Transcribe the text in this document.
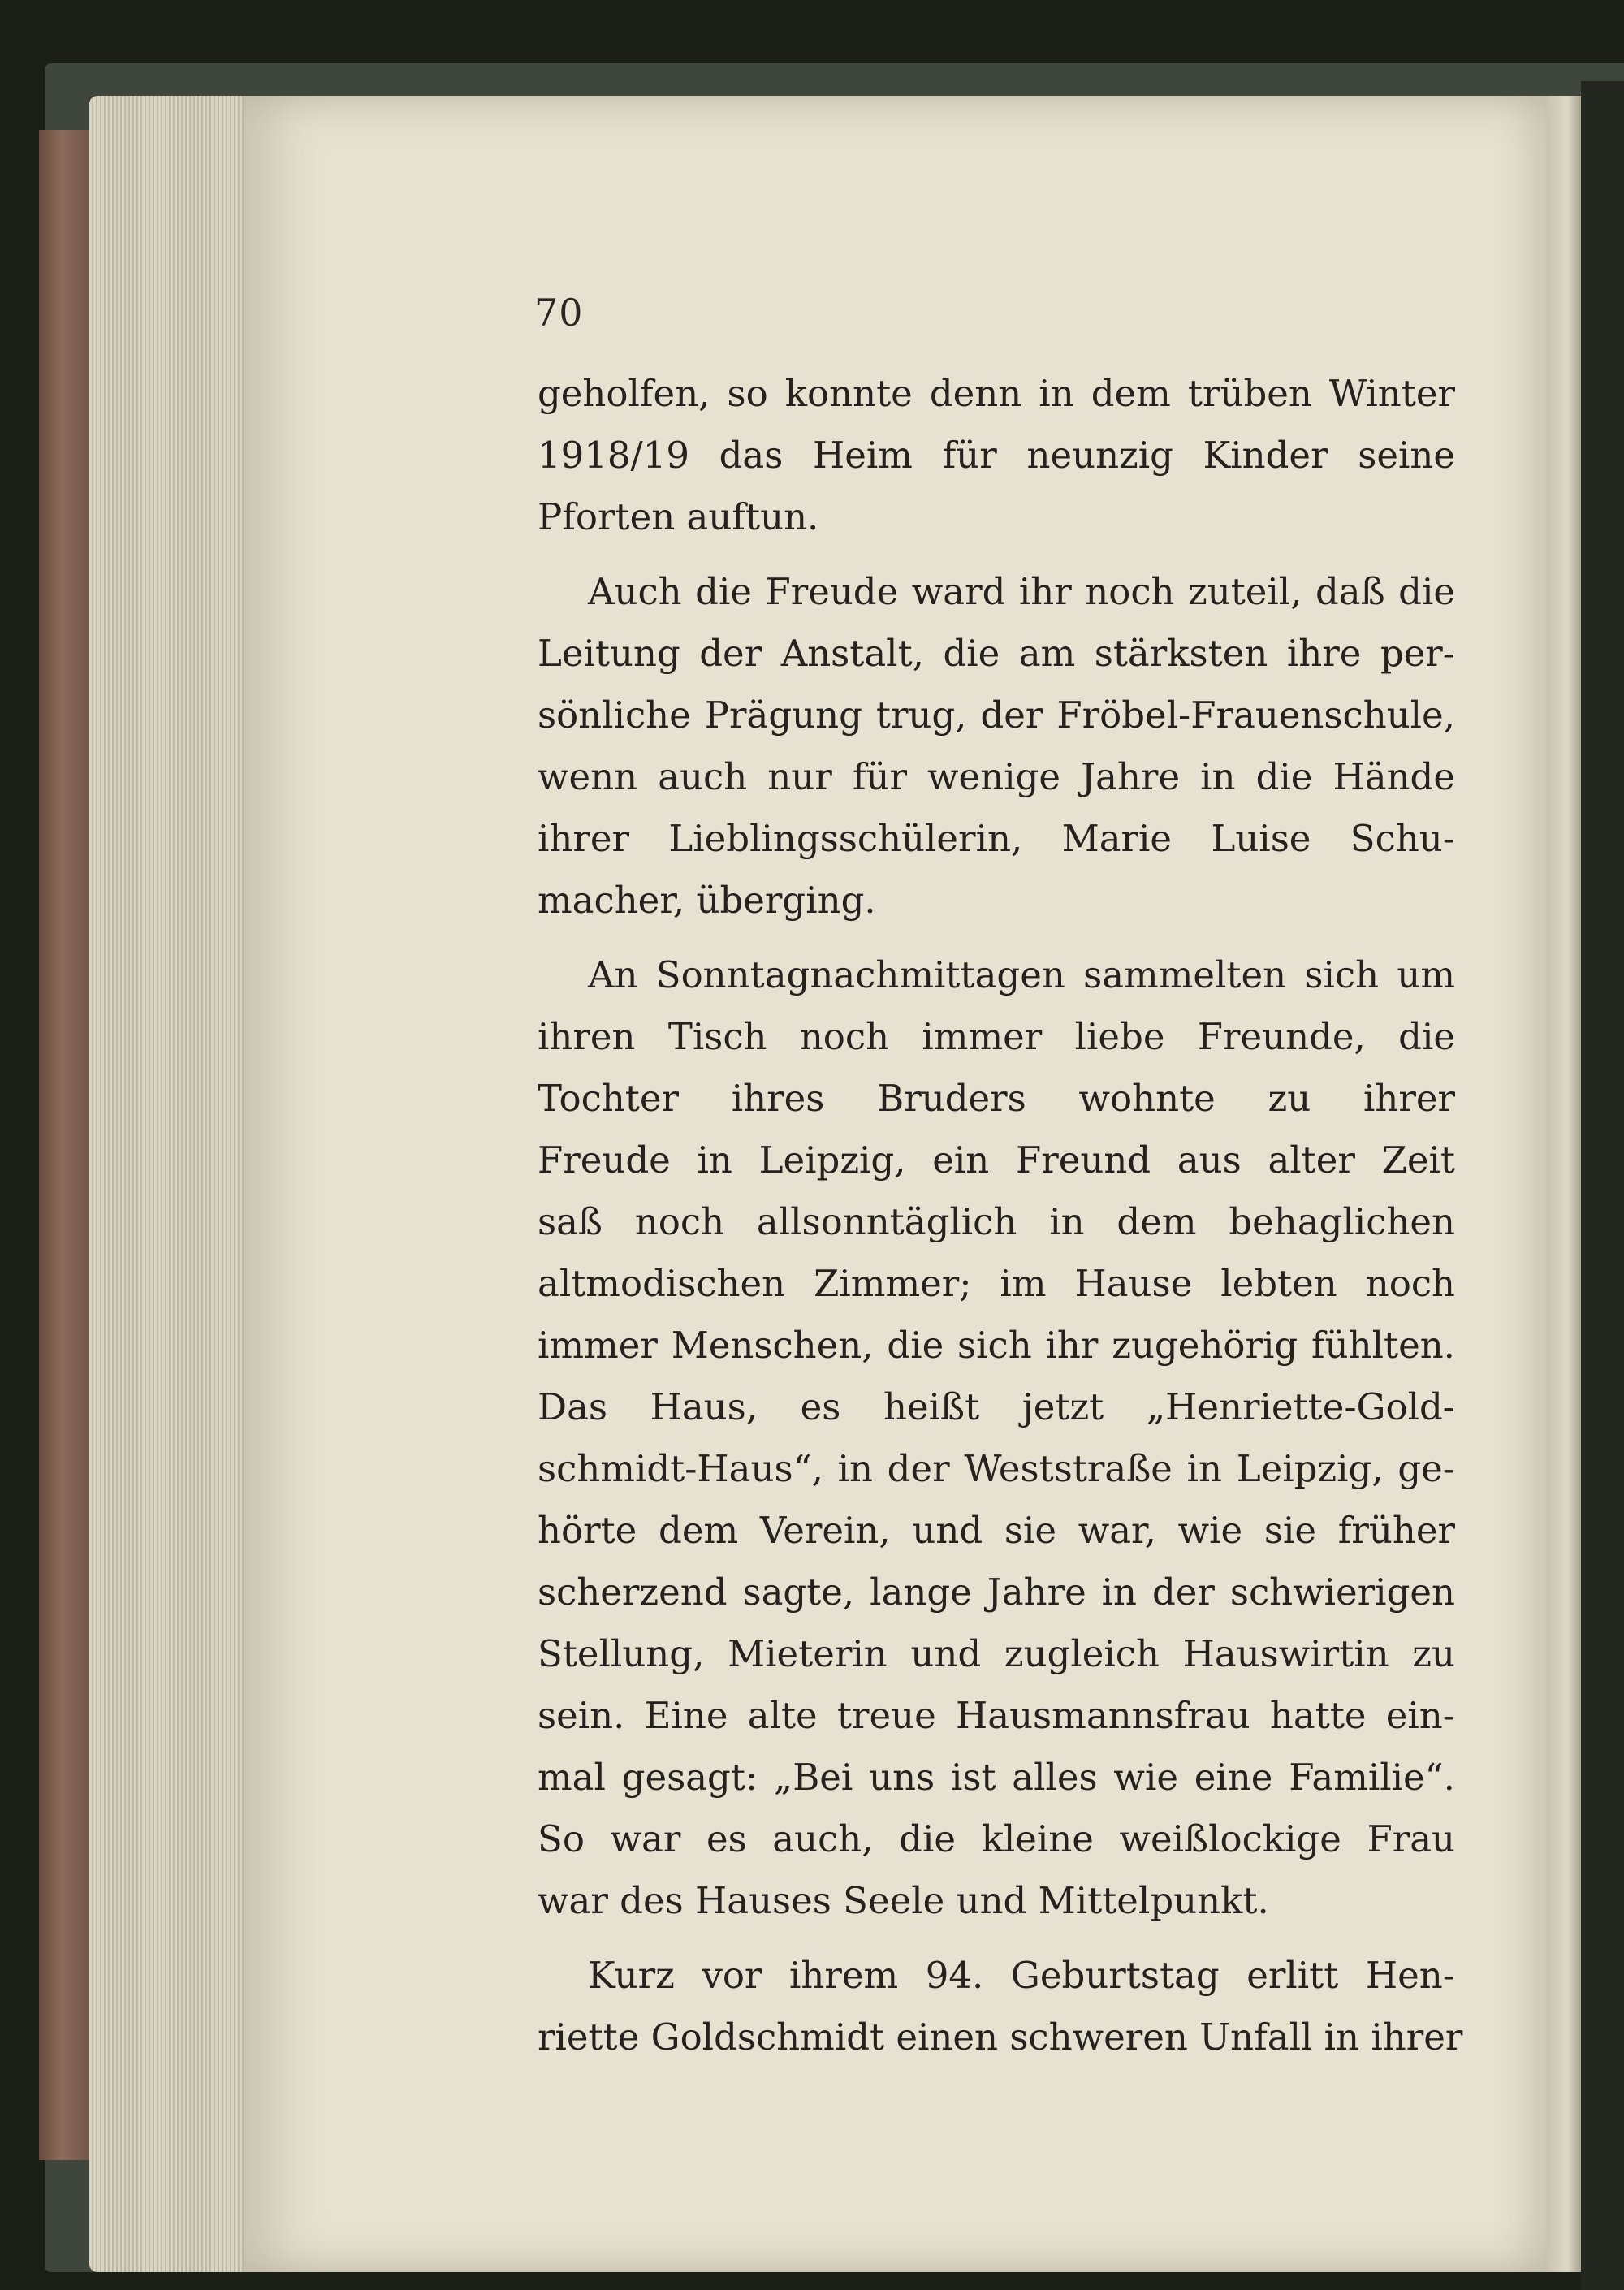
70
geholfen, so konnte denn in dem trüben Winter
1918/19 das Heim für neunzig Kinder seine
Pforten auftun.
Auch die Freude ward ihr noch zuteil, daß die
Leitung der Anstalt, die am stärksten ihre per-
sönliche Prägung trug, der Fröbel-Frauenschule,
wenn auch nur für wenige Jahre in die Hände
ihrer Lieblingsschülerin, Marie Luise Schu-
macher, überging.
An Sonntagnachmittagen sammelten sich um
ihren Tisch noch immer liebe Freunde, die
Tochter ihres Bruders wohnte zu ihrer
Freude in Leipzig, ein Freund aus alter Zeit
saß noch allsonntäglich in dem behaglichen
altmodischen Zimmer; im Hause lebten noch
immer Menschen, die sich ihr zugehörig fühlten.
Das Haus, es heißt jetzt „Henriette-Gold-
schmidt-Haus“, in der Weststraße in Leipzig, ge-
hörte dem Verein, und sie war, wie sie früher
scherzend sagte, lange Jahre in der schwierigen
Stellung, Mieterin und zugleich Hauswirtin zu
sein. Eine alte treue Hausmannsfrau hatte ein-
mal gesagt: „Bei uns ist alles wie eine Familie“.
So war es auch, die kleine weißlockige Frau
war des Hauses Seele und Mittelpunkt.
Kurz vor ihrem 94. Geburtstag erlitt Hen-
riette Goldschmidt einen schweren Unfall in ihrer
